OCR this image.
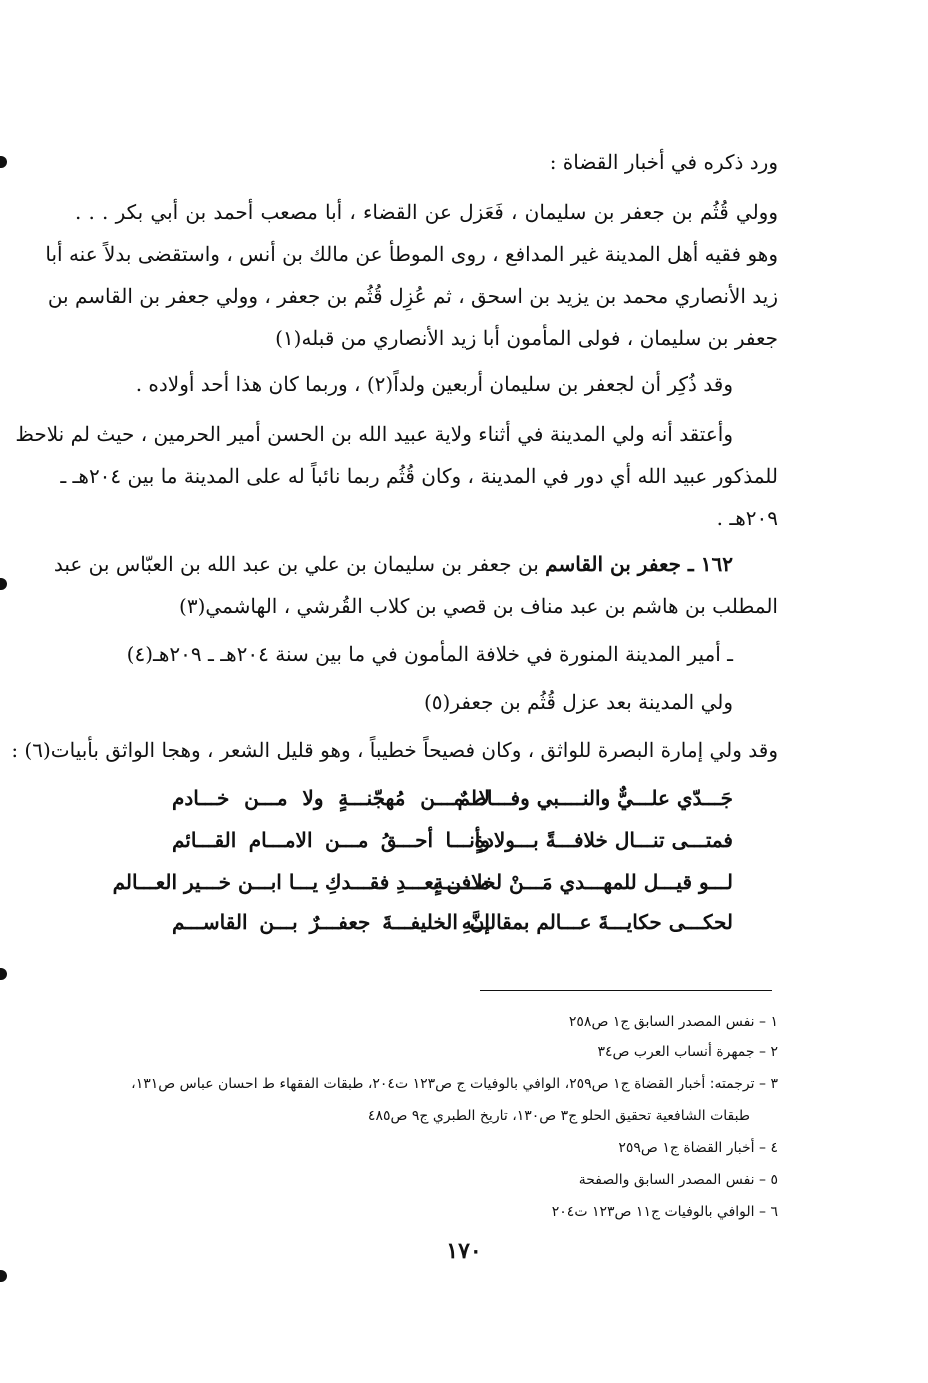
ورد ذكره في أخبار القضاة :
وولي قُثُم بن جعفر بن سليمان ، فَعَزل عن القضاء ، أبا مصعب أحمد بن أبي بكر . . .
وهو فقيه أهل المدينة غير المدافع ، روى الموطأ عن مالك بن أنس ، واستقضى بدلاً عنه أبا
زيد الأنصاري محمد بن يزيد بن اسحق ، ثم عُزِل قُثُم بن جعفر ، وولي جعفر بن القاسم بن
جعفر بن سليمان ، فولى المأمون أبا زيد الأنصاري من قبله(١)
وقد ذُكِر أن لجعفر بن سليمان أربعين ولداً(٢) ، وربما كان هذا أحد أولاده .
وأعتقد أنه ولي المدينة في أثناء ولاية عبيد الله بن الحسن أمير الحرمين ، حيث لم نلاحظ
للمذكور عبيد الله أي دور في المدينة ، وكان قُثُم ربما نائباً له على المدينة ما بين ٢٠٤هـ ـ
٢٠٩هـ .
١٦٢ ـ جعفر بن القاسم بن جعفر بن سليمان بن علي بن عبد الله بن العبّاس بن عبد
المطلب بن هاشم بن عبد مناف بن قصي بن كلاب القُرشي ، الهاشمي(٣)
ـ أمير المدينة المنورة في خلافة المأمون في ما بين سنة ٢٠٤هـ ـ ٢٠٩هـ(٤)
ولي المدينة بعد عزل قُثُم بن جعفر(٥)
وقد ولي إمارة البصرة للواثق ، وكان فصيحاً خطيباً ، وهو قليل الشعر ، وهجا الواثق بأبيات(٦) :
جَـــدّي علـــيٌّ والنــــبي وفـــاطمٌ
لا مـــن مُهجّنـــةٍ ولا مـــن خـــادم
فمتـــى تنـــال خلافـــةً بـــولادةٍ
وأنـــا أحـــقُ مـــن الامـــام القـــائم
لـــو قيـــل للمهـــدي مَـــنْ لخلافـــةٍ
مـــن بعـــدِ فقـــدكِ يـــا ابـــن خـــير العـــالم
لحكـــى حكايـــةَ عـــالم بمقالـــهِ
إنَّ الخليفـــةَ جعفـــرٌ بـــن القاســـم
١ – نفس المصدر السابق ج١ ص٢٥٨
٢ – جمهرة أنساب العرب ص٣٤
٣ – ترجمته: أخبار القضاة ج١ ص٢٥٩، الوافي بالوفيات ج ص١٢٣ ت٢٠٤، طبقات الفقهاء ط احسان عباس ص١٣١،
طبقات الشافعية تحقيق الحلو ج٣ ص١٣٠، تاريخ الطبري ج٩ ص٤٨٥
٤ – أخبار القضاة ج١ ص٢٥٩
٥ – نفس المصدر السابق والصفحة
٦ – الوافي بالوفيات ج١١ ص١٢٣ ت٢٠٤
١٧٠
